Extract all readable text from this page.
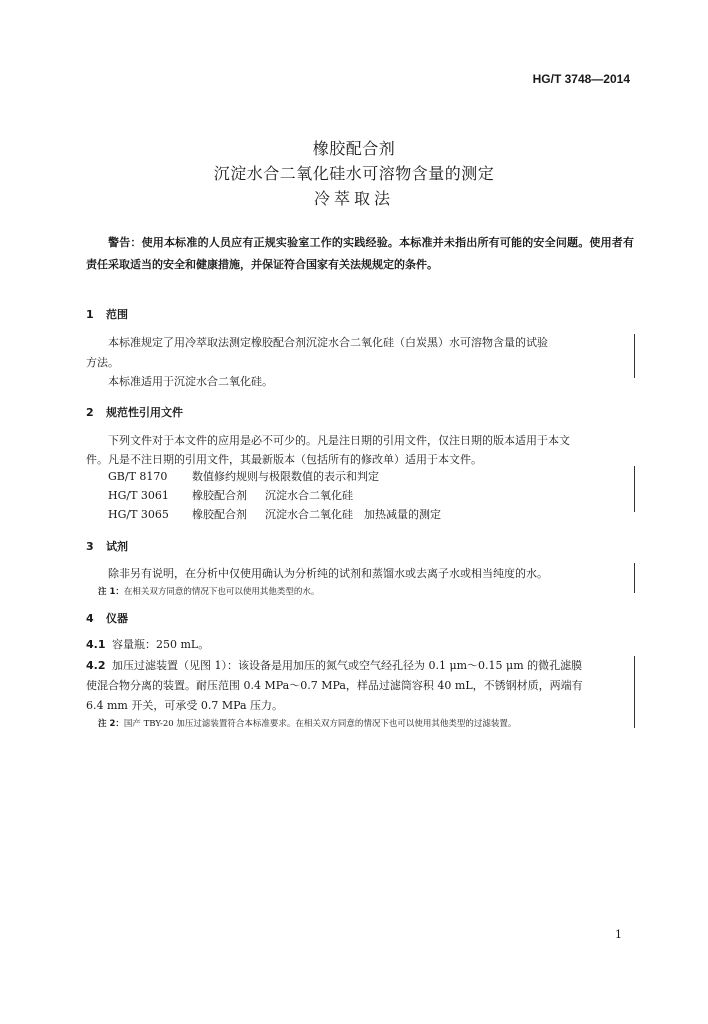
HG/T 3748—2014
橡胶配合剂
沉淀水合二氧化硅水可溶物含量的测定
冷萃取法
警告：使用本标准的人员应有正规实验室工作的实践经验。本标准并未指出所有可能的安全问题。使用者有责任采取适当的安全和健康措施，并保证符合国家有关法规规定的条件。
1 范围
本标准规定了用冷萃取法测定橡胶配合剂沉淀水合二氧化硅（白炭黑）水可溶物含量的试验
方法。
本标准适用于沉淀水合二氧化硅。
2 规范性引用文件
下列文件对于本文件的应用是必不可少的。凡是注日期的引用文件，仅注日期的版本适用于本文
件。凡是不注日期的引用文件，其最新版本（包括所有的修改单）适用于本文件。
GB/T 8170 数值修约规则与极限数值的表示和判定
HG/T 3061 橡胶配合剂 沉淀水合二氧化硅
HG/T 3065 橡胶配合剂 沉淀水合二氧化硅　加热减量的测定
3 试剂
除非另有说明，在分析中仅使用确认为分析纯的试剂和蒸馏水或去离子水或相当纯度的水。
注 1：在相关双方同意的情况下也可以使用其他类型的水。
4 仪器
4.1 容量瓶：250 mL。
4.2 加压过滤装置（见图 1）：该设备是用加压的氮气或空气经孔径为 0.1 μm～0.15 μm 的微孔滤膜
使混合物分离的装置。耐压范围 0.4 MPa～0.7 MPa，样品过滤筒容积 40 mL，不锈钢材质，两端有
6.4 mm 开关，可承受 0.7 MPa 压力。
注 2：国产 TBY-20 加压过滤装置符合本标准要求。在相关双方同意的情况下也可以使用其他类型的过滤装置。
1
